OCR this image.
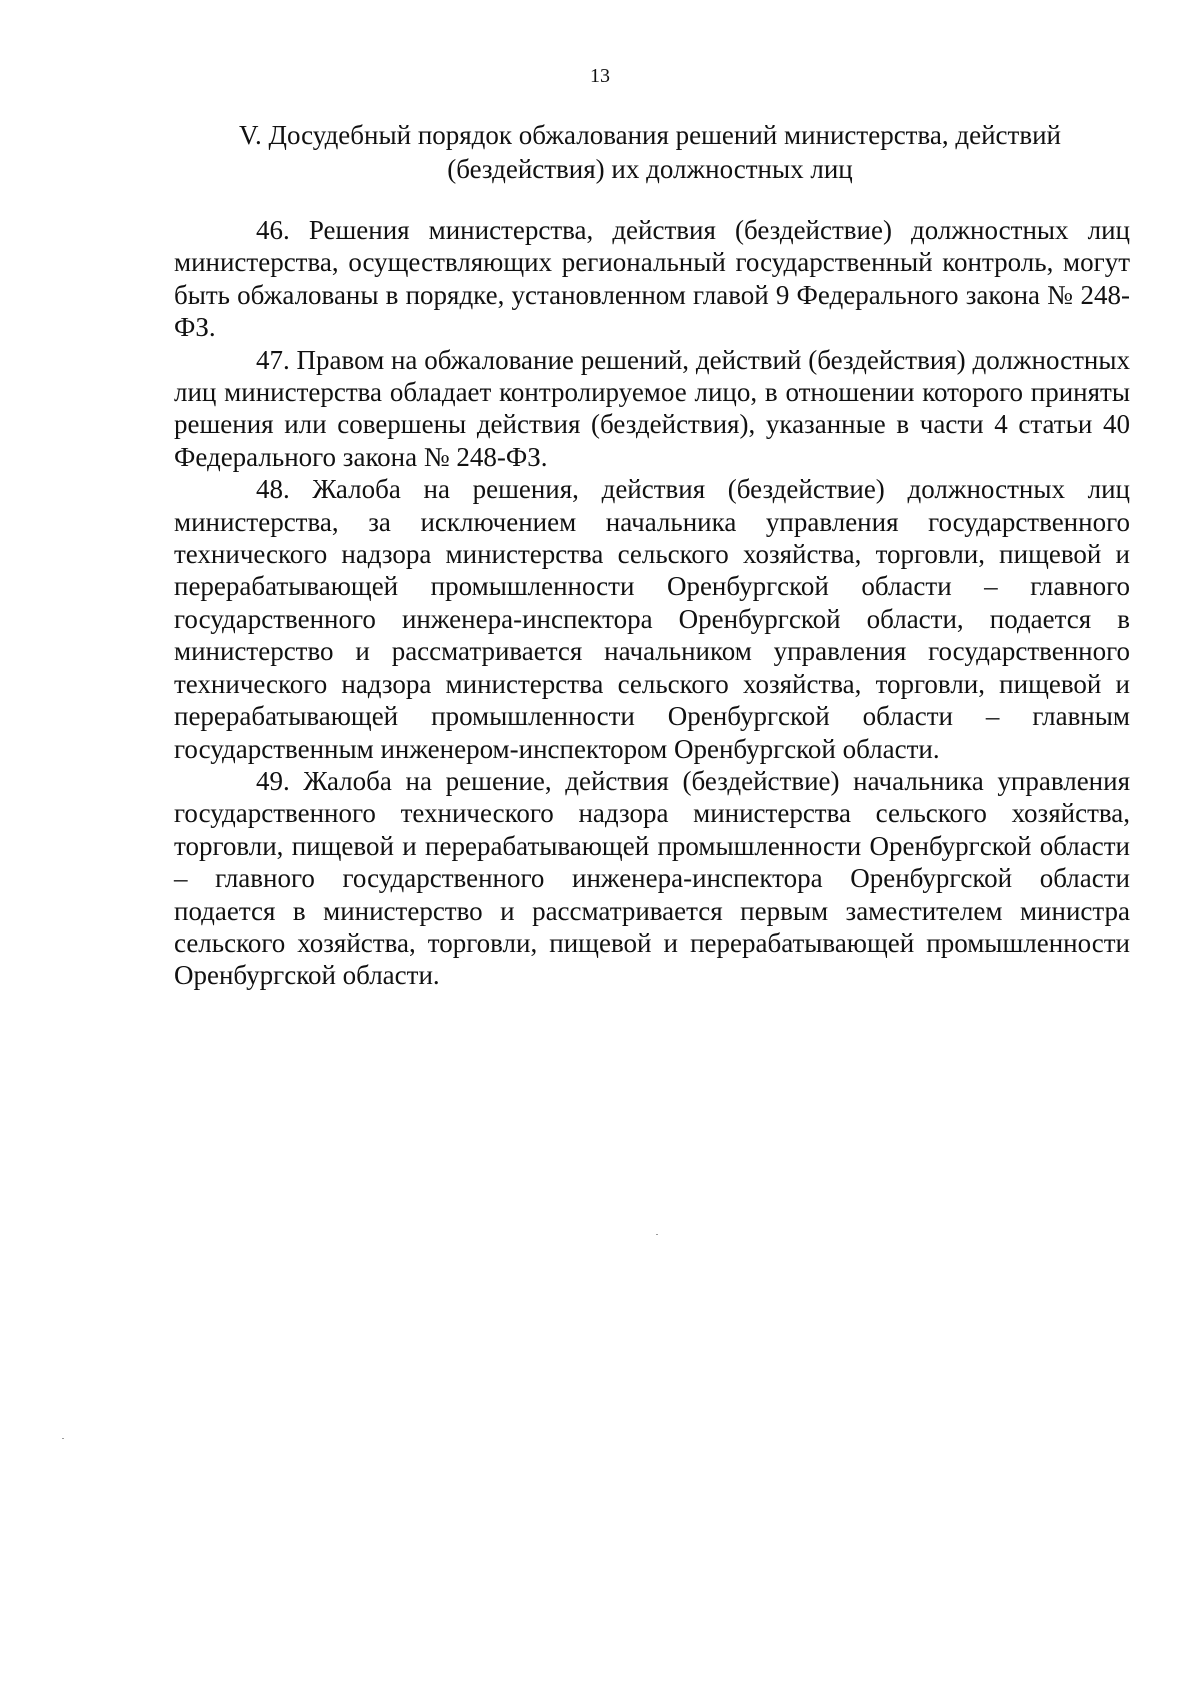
13
V. Досудебный порядок обжалования решений министерства, действий
(бездействия) их должностных лиц

46. Решения министерства, действия (бездействие) должностных лиц министерства, осуществляющих региональный государственный контроль, могут быть обжалованы в порядке, установленном главой 9 Федерального закона № 248-ФЗ.

47. Правом на обжалование решений, действий (бездействия) должностных лиц министерства обладает контролируемое лицо, в отношении которого приняты решения или совершены действия (бездействия), указанные в части 4 статьи 40 Федерального закона № 248-ФЗ.

48. Жалоба на решения, действия (бездействие) должностных лиц министерства, за исключением начальника управления государственного технического надзора министерства сельского хозяйства, торговли, пищевой и перерабатывающей промышленности Оренбургской области – главного государственного инженера-инспектора Оренбургской области, подается в министерство и рассматривается начальником управления государственного технического надзора министерства сельского хозяйства, торговли, пищевой и перерабатывающей промышленности Оренбургской области – главным государственным инженером-инспектором Оренбургской области.

49. Жалоба на решение, действия (бездействие) начальника управления государственного технического надзора министерства сельского хозяйства, торговли, пищевой и перерабатывающей промышленности Оренбургской области – главного государственного инженера-инспектора Оренбургской области подается в министерство и рассматривается первым заместителем министра сельского хозяйства, торговли, пищевой и перерабатывающей промышленности Оренбургской области.
